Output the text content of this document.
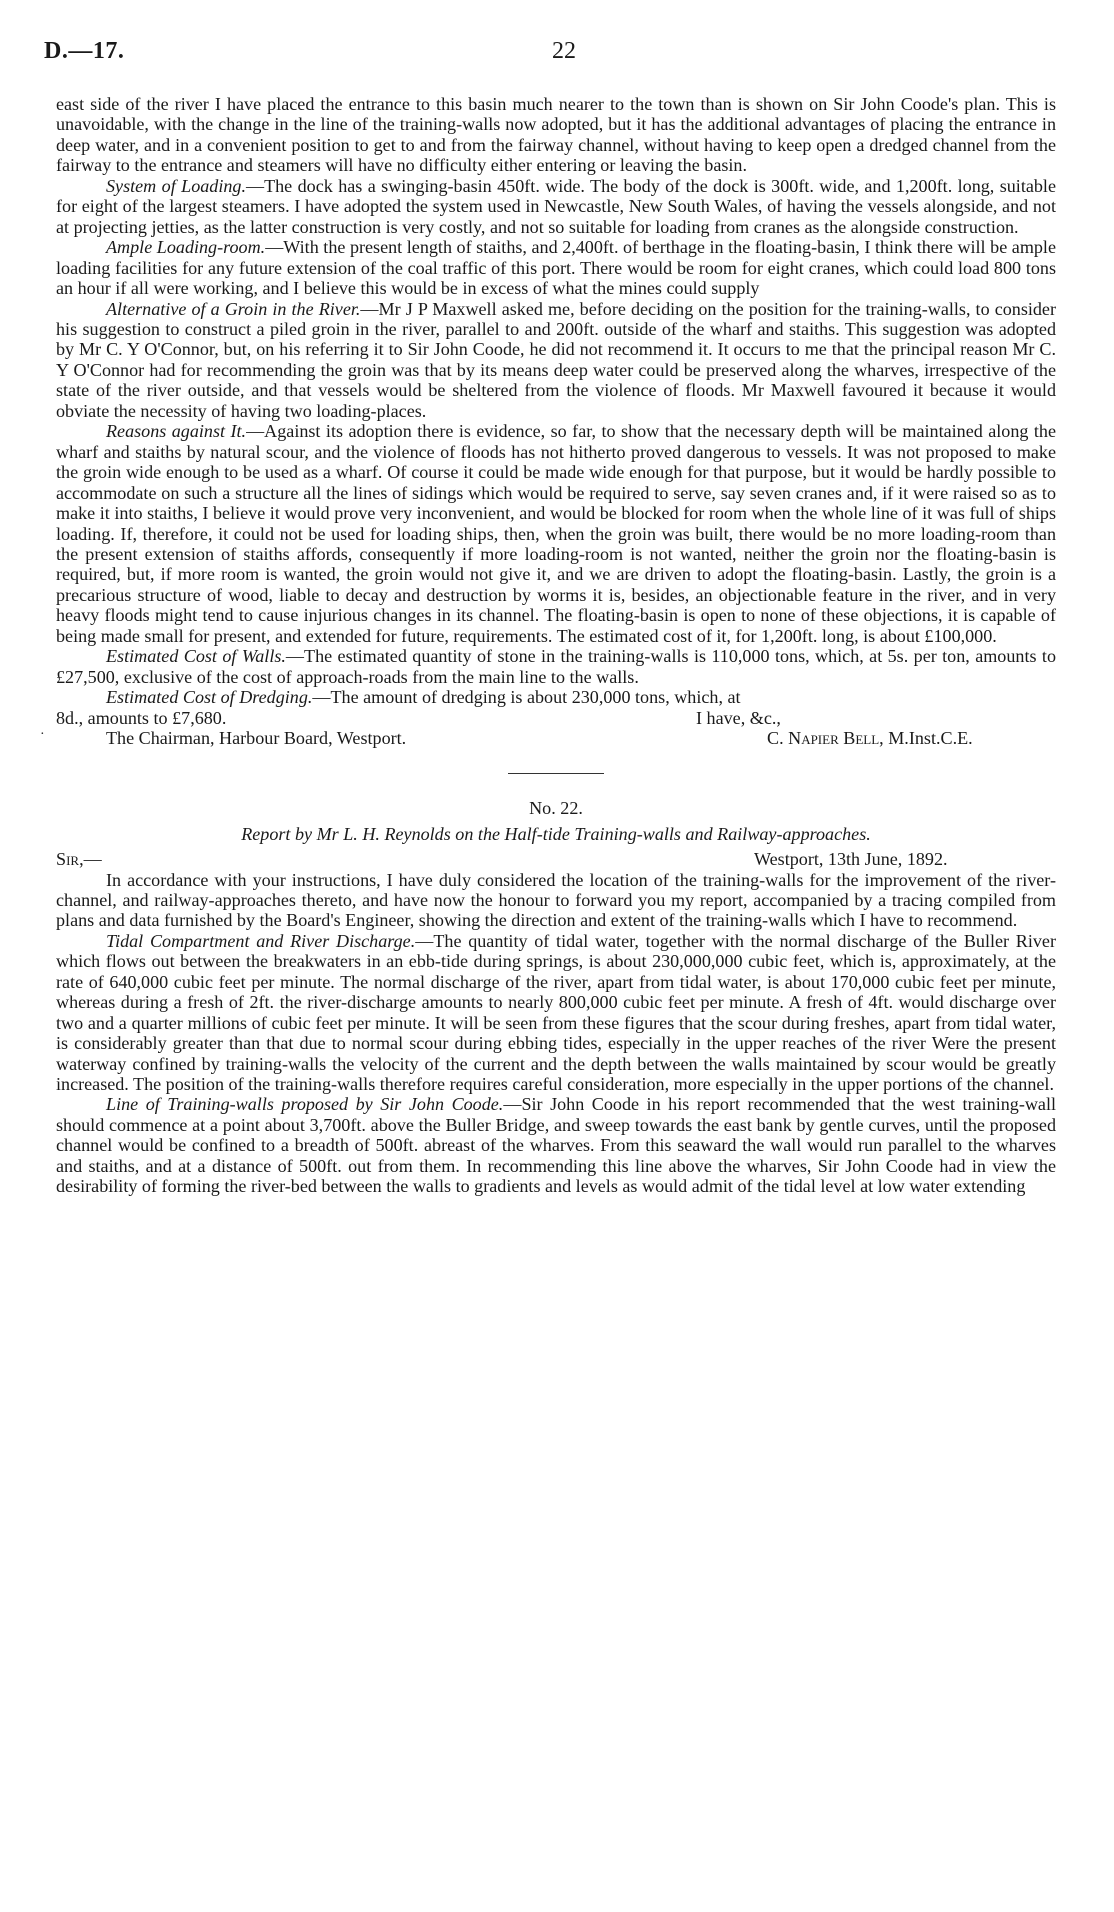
D.—17.	22
·

east side of the river I have placed the entrance to this basin much nearer to the town than is shown on Sir John Coode's plan. This is unavoidable, with the change in the line of the training-walls now adopted, but it has the additional advantages of placing the entrance in deep water, and in a convenient position to get to and from the fairway channel, without having to keep open a dredged channel from the fairway to the entrance and steamers will have no difficulty either entering or leaving the basin.

System of Loading.—The dock has a swinging-basin 450ft. wide. The body of the dock is 300ft. wide, and 1,200ft. long, suitable for eight of the largest steamers. I have adopted the system used in Newcastle, New South Wales, of having the vessels alongside, and not at projecting jetties, as the latter construction is very costly, and not so suitable for loading from cranes as the alongside construction.

Ample Loading-room.—With the present length of staiths, and 2,400ft. of berthage in the floating-basin, I think there will be ample loading facilities for any future extension of the coal traffic of this port. There would be room for eight cranes, which could load 800 tons an hour if all were working, and I believe this would be in excess of what the mines could supply

Alternative of a Groin in the River.—Mr J P Maxwell asked me, before deciding on the position for the training-walls, to consider his suggestion to construct a piled groin in the river, parallel to and 200ft. outside of the wharf and staiths. This suggestion was adopted by Mr C. Y O'Connor, but, on his referring it to Sir John Coode, he did not recommend it. It occurs to me that the principal reason Mr C. Y O'Connor had for recommending the groin was that by its means deep water could be preserved along the wharves, irrespective of the state of the river outside, and that vessels would be sheltered from the violence of floods. Mr Maxwell favoured it because it would obviate the necessity of having two loading-places.

Reasons against It.—Against its adoption there is evidence, so far, to show that the necessary depth will be maintained along the wharf and staiths by natural scour, and the violence of floods has not hitherto proved dangerous to vessels. It was not proposed to make the groin wide enough to be used as a wharf. Of course it could be made wide enough for that purpose, but it would be hardly possible to accommodate on such a structure all the lines of sidings which would be required to serve, say seven cranes and, if it were raised so as to make it into staiths, I believe it would prove very inconvenient, and would be blocked for room when the whole line of it was full of ships loading. If, therefore, it could not be used for loading ships, then, when the groin was built, there would be no more loading-room than the present extension of staiths affords, consequently if more loading-room is not wanted, neither the groin nor the floating-basin is required, but, if more room is wanted, the groin would not give it, and we are driven to adopt the floating-basin. Lastly, the groin is a precarious structure of wood, liable to decay and destruction by worms it is, besides, an objectionable feature in the river, and in very heavy floods might tend to cause injurious changes in its channel. The floating-basin is open to none of these objections, it is capable of being made small for present, and extended for future, requirements. The estimated cost of it, for 1,200ft. long, is about £100,000.

Estimated Cost of Walls.—The estimated quantity of stone in the training-walls is 110,000 tons, which, at 5s. per ton, amounts to £27,500, exclusive of the cost of approach-roads from the main line to the walls.

Estimated Cost of Dredging.—The amount of dredging is about 230,000 tons, which, at

8d., amounts to £7,680.	I have, &c.,
The Chairman, Harbour Board, Westport.	C. Napier Bell, M.Inst.C.E.
No. 22.
Report by Mr L. H. Reynolds on the Half-tide Training-walls and Railway-approaches.
Sir,—	Westport, 13th June, 1892.

In accordance with your instructions, I have duly considered the location of the training-walls for the improvement of the river-channel, and railway-approaches thereto, and have now the honour to forward you my report, accompanied by a tracing compiled from plans and data furnished by the Board's Engineer, showing the direction and extent of the training-walls which I have to recommend.

Tidal Compartment and River Discharge.—The quantity of tidal water, together with the normal discharge of the Buller River which flows out between the breakwaters in an ebb-tide during springs, is about 230,000,000 cubic feet, which is, approximately, at the rate of 640,000 cubic feet per minute. The normal discharge of the river, apart from tidal water, is about 170,000 cubic feet per minute, whereas during a fresh of 2ft. the river-discharge amounts to nearly 800,000 cubic feet per minute. A fresh of 4ft. would discharge over two and a quarter millions of cubic feet per minute. It will be seen from these figures that the scour during freshes, apart from tidal water, is considerably greater than that due to normal scour during ebbing tides, especially in the upper reaches of the river Were the present waterway confined by training-walls the velocity of the current and the depth between the walls maintained by scour would be greatly increased. The position of the training-walls therefore requires careful consideration, more especially in the upper portions of the channel.

Line of Training-walls proposed by Sir John Coode.—Sir John Coode in his report recommended that the west training-wall should commence at a point about 3,700ft. above the Buller Bridge, and sweep towards the east bank by gentle curves, until the proposed channel would be confined to a breadth of 500ft. abreast of the wharves. From this seaward the wall would run parallel to the wharves and staiths, and at a distance of 500ft. out from them. In recommending this line above the wharves, Sir John Coode had in view the desirability of forming the river-bed between the walls to gradients and levels as would admit of the tidal level at low water extending
